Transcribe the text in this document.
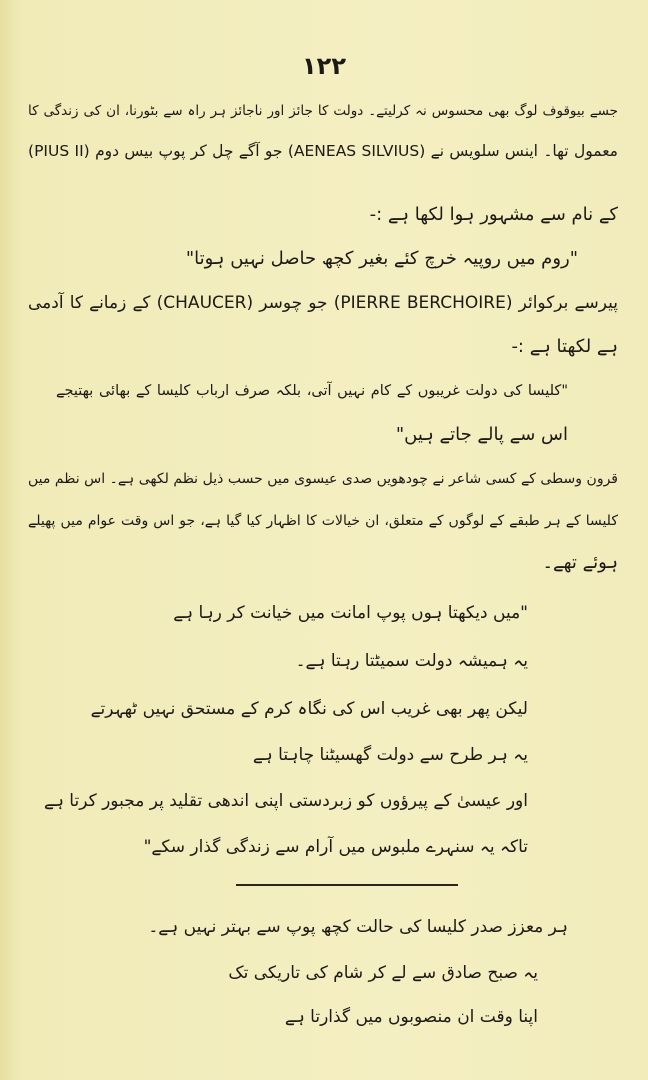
۱۲۲
جسے بیوقوف لوگ بھی محسوس نہ کرلیتے۔ دولت کا جائز اور ناجائز ہر راہ سے بٹورنا، ان کی زندگی کا
معمول تھا۔ اینس سلویس نے (AENEAS SILVIUS) جو آگے چل کر پوپ بیس دوم (PIUS II)
کے نام سے مشہور ہوا لکھا ہے :-
"روم میں روپیہ خرچ کئے بغیر کچھ حاصل نہیں ہوتا"
پیرسے برکوائر (PIERRE BERCHOIRE) جو چوسر (CHAUCER) کے زمانے کا آدمی
ہے لکھتا ہے :-
"کلیسا کی دولت غریبوں کے کام نہیں آتی، بلکہ صرف ارباب کلیسا کے بھائی بھتیجے
اس سے پالے جاتے ہیں"
قرون وسطی کے کسی شاعر نے چودھویں صدی عیسوی میں حسب ذیل نظم لکھی ہے۔ اس نظم میں
کلیسا کے ہر طبقے کے لوگوں کے متعلق، ان خیالات کا اظہار کیا گیا ہے، جو اس وقت عوام میں پھیلے
ہوئے تھے۔
"میں دیکھتا ہوں پوپ امانت میں خیانت کر رہا ہے
یہ ہمیشہ دولت سمیٹتا رہتا ہے۔
لیکن پھر بھی غریب اس کی نگاہ کرم کے مستحق نہیں ٹھہرتے
یہ ہر طرح سے دولت گھسیٹنا چاہتا ہے
اور عیسیٰ کے پیرؤوں کو زبردستی اپنی اندھی تقلید پر مجبور کرتا ہے
تاکہ یہ سنہرے ملبوس میں آرام سے زندگی گذار سکے"
ہر معزز صدر کلیسا کی حالت کچھ پوپ سے بہتر نہیں ہے۔
یہ صبح صادق سے لے کر شام کی تاریکی تک
اپنا وقت ان منصوبوں میں گذارتا ہے
